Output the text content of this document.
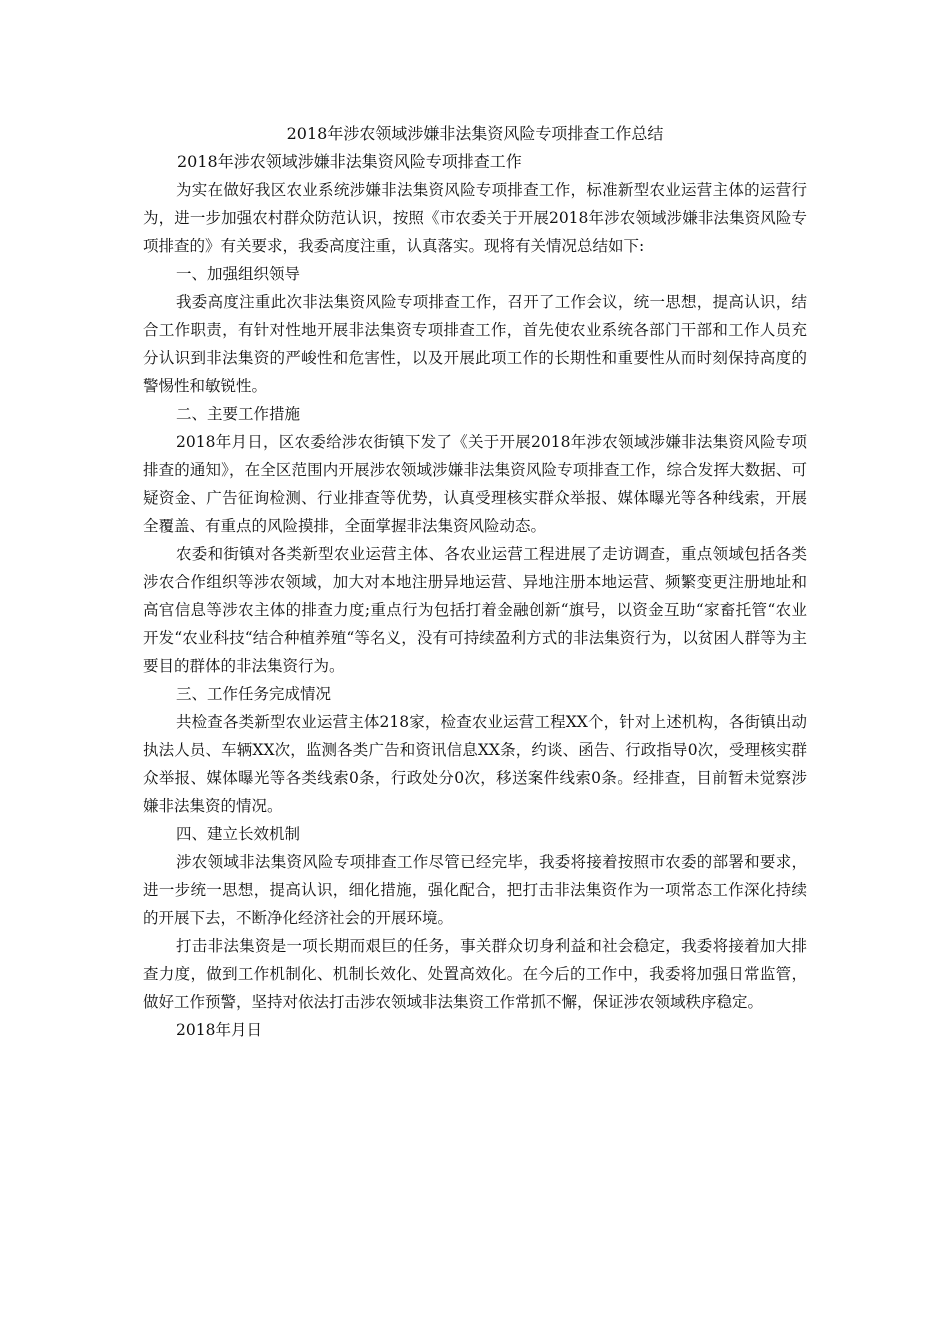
2018年涉农领域涉嫌非法集资风险专项排查工作总结
2018年涉农领域涉嫌非法集资风险专项排查工作

为实在做好我区农业系统涉嫌非法集资风险专项排查工作，标准新型农业运营主体的运营行为，进一步加强农村群众防范认识，按照《市农委关于开展2018年涉农领域涉嫌非法集资风险专项排查的》有关要求，我委高度注重，认真落实。现将有关情况总结如下:

一、加强组织领导

我委高度注重此次非法集资风险专项排查工作，召开了工作会议，统一思想，提高认识，结合工作职责，有针对性地开展非法集资专项排查工作，首先使农业系统各部门干部和工作人员充分认识到非法集资的严峻性和危害性，以及开展此项工作的长期性和重要性从而时刻保持高度的警惕性和敏锐性。

二、主要工作措施

2018年月日，区农委给涉农街镇下发了《关于开展2018年涉农领域涉嫌非法集资风险专项排查的通知》，在全区范围内开展涉农领域涉嫌非法集资风险专项排查工作，综合发挥大数据、可疑资金、广告征询检测、行业排查等优势，认真受理核实群众举报、媒体曝光等各种线索，开展全覆盖、有重点的风险摸排，全面掌握非法集资风险动态。

农委和街镇对各类新型农业运营主体、各农业运营工程进展了走访调查，重点领域包括各类涉农合作组织等涉农领域，加大对本地注册异地运营、异地注册本地运营、频繁变更注册地址和高官信息等涉农主体的排查力度;重点行为包括打着金融创新“旗号，以资金互助“家畜托管“农业开发“农业科技“结合种植养殖“等名义，没有可持续盈利方式的非法集资行为，以贫困人群等为主要目的群体的非法集资行为。

三、工作任务完成情况

共检查各类新型农业运营主体218家，检查农业运营工程XX个，针对上述机构，各街镇出动执法人员、车辆XX次，监测各类广告和资讯信息XX条，约谈、函告、行政指导0次，受理核实群众举报、媒体曝光等各类线索0条，行政处分0次，移送案件线索0条。经排查，目前暂未觉察涉嫌非法集资的情况。

四、建立长效机制

涉农领域非法集资风险专项排查工作尽管已经完毕，我委将接着按照市农委的部署和要求，进一步统一思想，提高认识，细化措施，强化配合，把打击非法集资作为一项常态工作深化持续的开展下去，不断净化经济社会的开展环境。

打击非法集资是一项长期而艰巨的任务，事关群众切身利益和社会稳定，我委将接着加大排查力度，做到工作机制化、机制长效化、处置高效化。在今后的工作中，我委将加强日常监管，做好工作预警，坚持对依法打击涉农领域非法集资工作常抓不懈，保证涉农领域秩序稳定。

2018年月日
